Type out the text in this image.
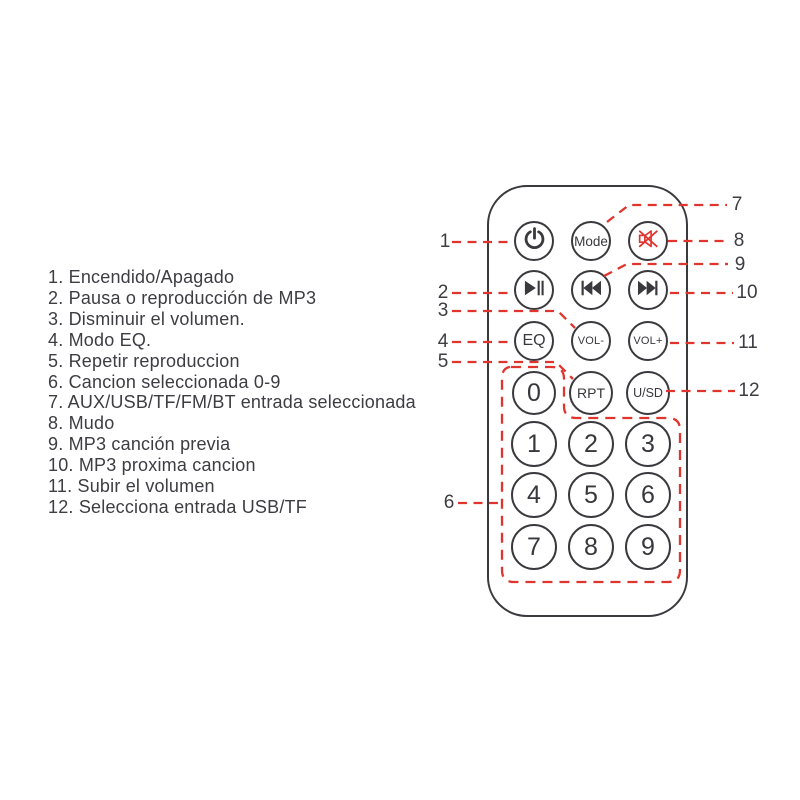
1. Encendido/Apagado
2. Pausa o reproducción de MP3
3. Disminuir el volumen.
4. Modo EQ.
5. Repetir reproduccion
6. Cancion seleccionada 0-9
7. AUX/USB/TF/FM/BT entrada seleccionada
8. Mudo
9. MP3 canción previa
10. MP3 proxima cancion
11. Subir el volumen
12. Selecciona entrada USB/TF
Mode
EQ	VOL-	VOL+
0	RPT U/SD
1 2 3
4 5 6
7 8 9
1
2
3
4
5
6
7
8
9
10
11
12
